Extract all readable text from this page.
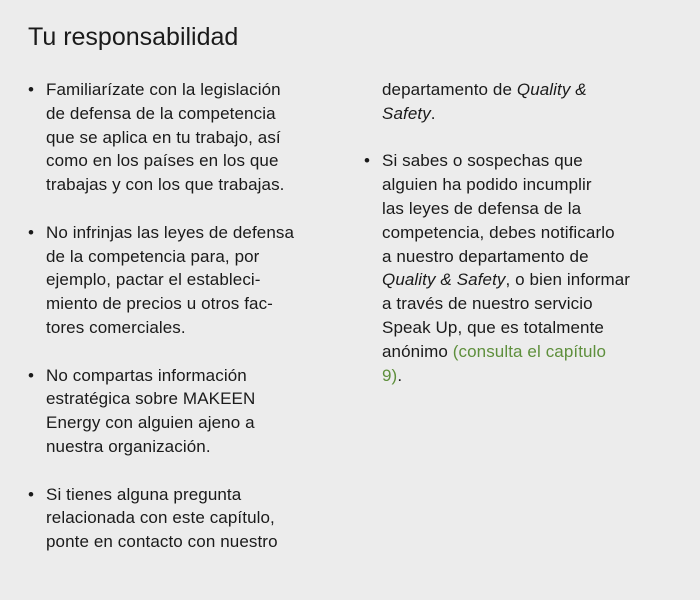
Tu responsabilidad
• Familiarízate con la legislación

de defensa de la competencia

que se aplica en tu trabajo, así

como en los países en los que

trabajas y con los que trabajas.

• No infrinjas las leyes de defensa

de la competencia para, por

ejemplo, pactar el estableci-

miento de precios u otros fac-

tores comerciales.

• No compartas información

estratégica sobre MAKEEN

Energy con alguien ajeno a

nuestra organización.

• Si tienes alguna pregunta

relacionada con este capítulo,

ponte en contacto con nuestro

departamento de Quality &

Safety.

• Si sabes o sospechas que

alguien ha podido incumplir

las leyes de defensa de la

competencia, debes notificarlo

a nuestro departamento de

Quality & Safety, o bien informar

a través de nuestro servicio

Speak Up, que es totalmente

anónimo (consulta el capítulo

9).
